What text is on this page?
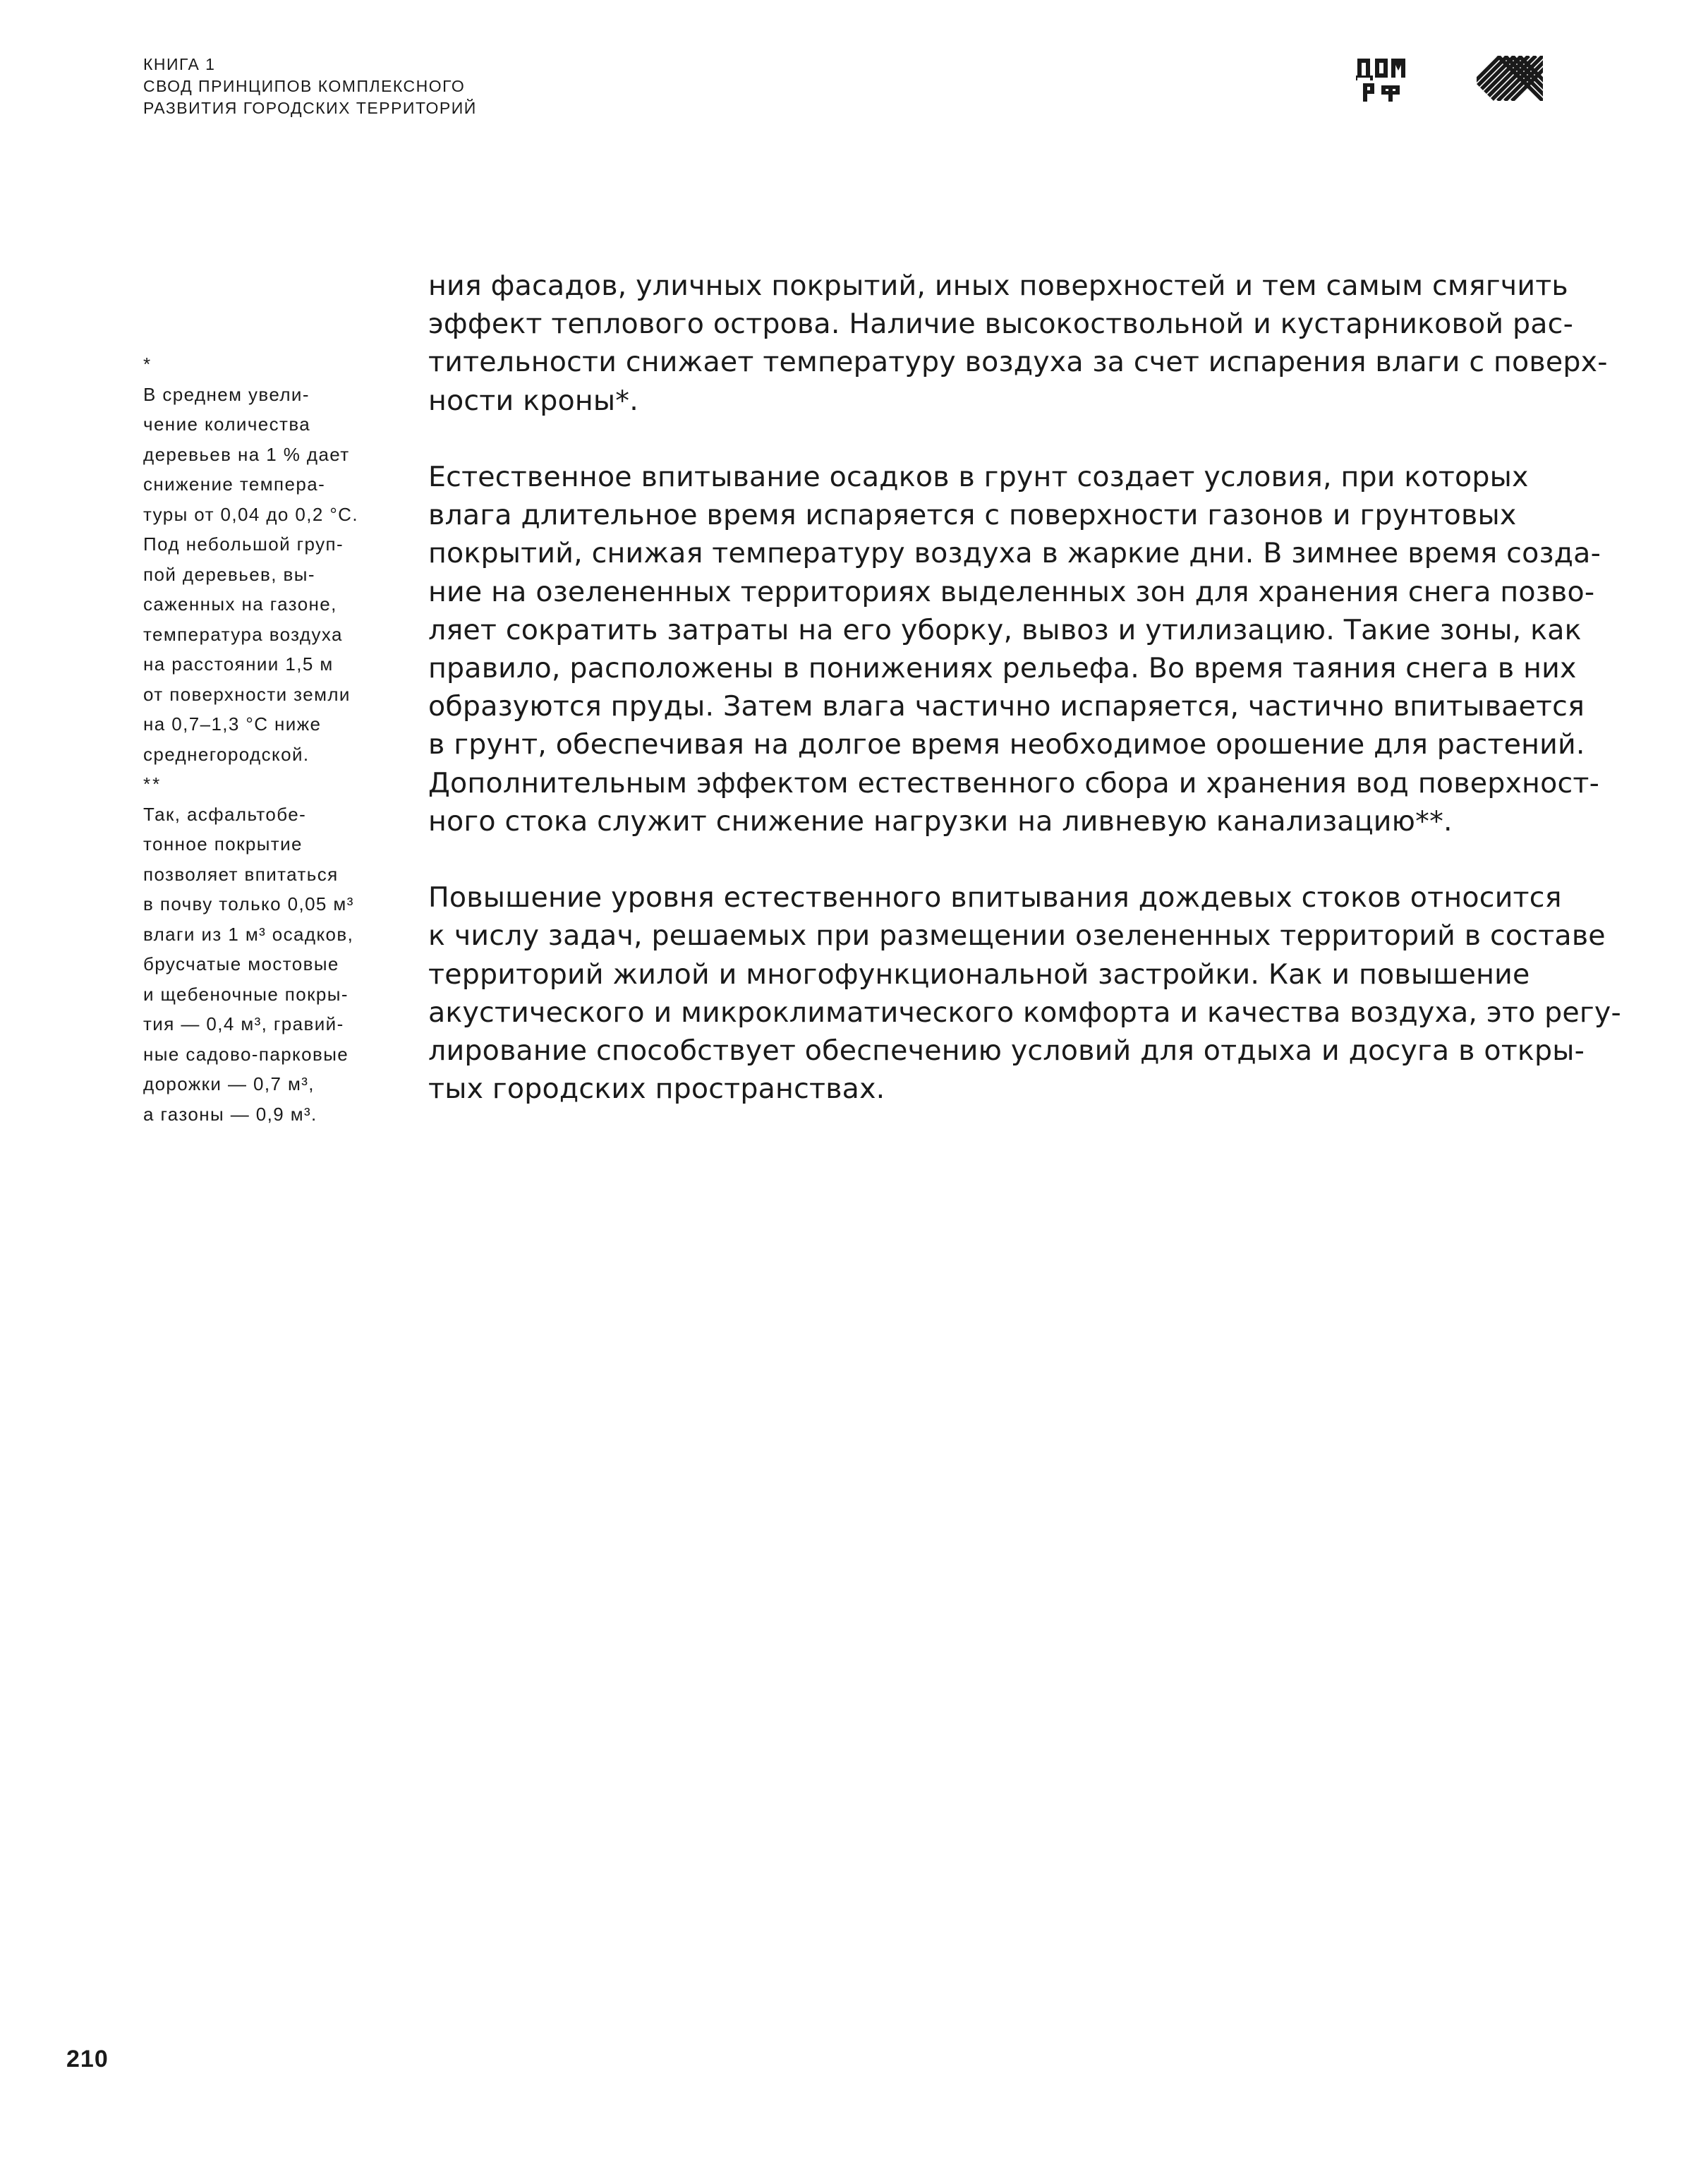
КНИГА 1
СВОД ПРИНЦИПОВ КОМПЛЕКСНОГО
РАЗВИТИЯ ГОРОДСКИХ ТЕРРИТОРИЙ
*
В среднем увели-
чение количества
деревьев на 1 % дает
снижение темпера-
туры от 0,04 до 0,2 °С.
Под небольшой груп-
пой деревьев, вы-
саженных на газоне,
температура воздуха
на расстоянии 1,5 м
от поверхности земли
на 0,7–1,3 °С ниже
среднегородской.
**
Так, асфальтобе-
тонное покрытие
позволяет впитаться
в почву только 0,05 м³
влаги из 1 м³ осадков,
брусчатые мостовые
и щебеночные покры-
тия — 0,4 м³, гравий-
ные садово-парковые
дорожки — 0,7 м³,
а газоны — 0,9 м³.
ния фасадов, уличных покрытий, иных поверхностей и тем самым смягчить
эффект теплового острова. Наличие высокоствольной и кустарниковой рас-
тительности снижает температуру воздуха за счет испарения влаги с поверх-
ности кроны*.
Естественное впитывание осадков в грунт создает условия, при которых
влага длительное время испаряется с поверхности газонов и грунтовых
покрытий, снижая температуру воздуха в жаркие дни. В зимнее время созда-
ние на озелененных территориях выделенных зон для хранения снега позво-
ляет сократить затраты на его уборку, вывоз и утилизацию. Такие зоны, как
правило, расположены в понижениях рельефа. Во время таяния снега в них
образуются пруды. Затем влага частично испаряется, частично впитывается
в грунт, обеспечивая на долгое время необходимое орошение для растений.
Дополнительным эффектом естественного сбора и хранения вод поверхност-
ного стока служит снижение нагрузки на ливневую канализацию**.
Повышение уровня естественного впитывания дождевых стоков относится
к числу задач, решаемых при размещении озелененных территорий в составе
территорий жилой и многофункциональной застройки. Как и повышение
акустического и микроклиматического комфорта и качества воздуха, это регу-
лирование способствует обеспечению условий для отдыха и досуга в откры-
тых городских пространствах.
210
